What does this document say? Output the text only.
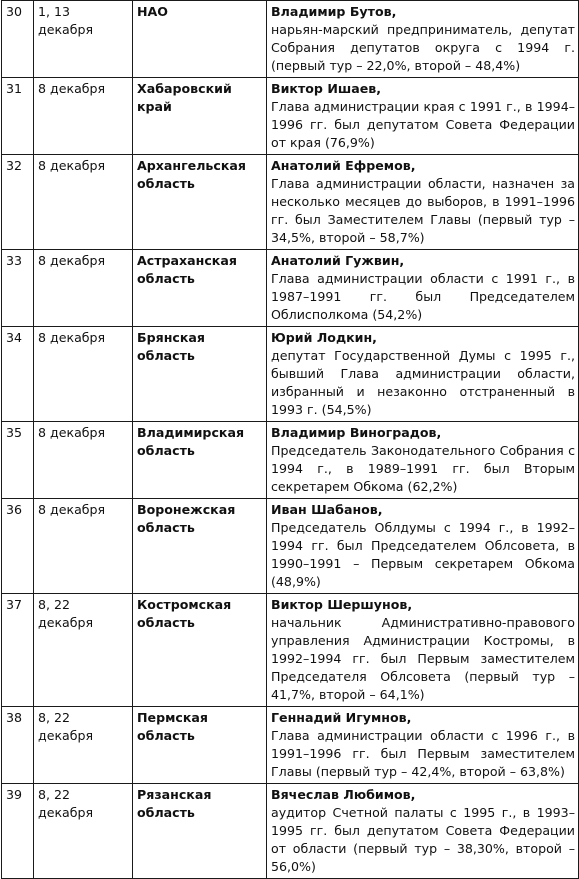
30	1, 13 декабря	НАО	Владимир Бутов,
нарьян-марский предприниматель, депутат Собрания депутатов округа с 1994 г. (первый тур – 22,0%, второй – 48,4%)

31	8 декабря	Хабаровский край	Виктор Ишаев,
Глава администрации края с 1991 г., в 1994–1996 гг. был депутатом Совета Федерации от края (76,9%)

32	8 декабря	Архангельская область	Анатолий Ефремов,
Глава администрации области, назначен за несколько месяцев до выборов, в 1991–1996 гг. был Заместителем Главы (первый тур – 34,5%, второй – 58,7%)

33	8 декабря	Астраханская область	Анатолий Гужвин,
Глава администрации области с 1991 г., в 1987–1991 гг. был Председателем Облисполкома (54,2%)

34	8 декабря	Брянская область	Юрий Лодкин,
депутат Государственной Думы с 1995 г., бывший Глава администрации области, избранный и незаконно отстраненный в 1993 г. (54,5%)

35	8 декабря	Владимирская область	Владимир Виноградов,
Председатель Законодательного Собрания с 1994 г., в 1989–1991 гг. был Вторым секретарем Обкома (62,2%)

36	8 декабря	Воронежская область	Иван Шабанов,
Председатель Облдумы с 1994 г., в 1992–1994 гг. был Председателем Облсовета, в 1990–1991 – Первым секретарем Обкома (48,9%)

37	8, 22 декабря	Костромская область	Виктор Шершунов,
начальник Административно-правового управления Администрации Костромы, в 1992–1994 гг. был Первым заместителем Председателя Облсовета (первый тур – 41,7%, второй – 64,1%)

38	8, 22 декабря	Пермская область	Геннадий Игумнов,
Глава администрации области с 1996 г., в 1991–1996 гг. был Первым заместителем Главы (первый тур – 42,4%, второй – 63,8%)

39	8, 22 декабря	Рязанская область	Вячеслав Любимов,
аудитор Счетной палаты с 1995 г., в 1993–1995 гг. был депутатом Совета Федерации от области (первый тур – 38,30%, второй – 56,0%)
